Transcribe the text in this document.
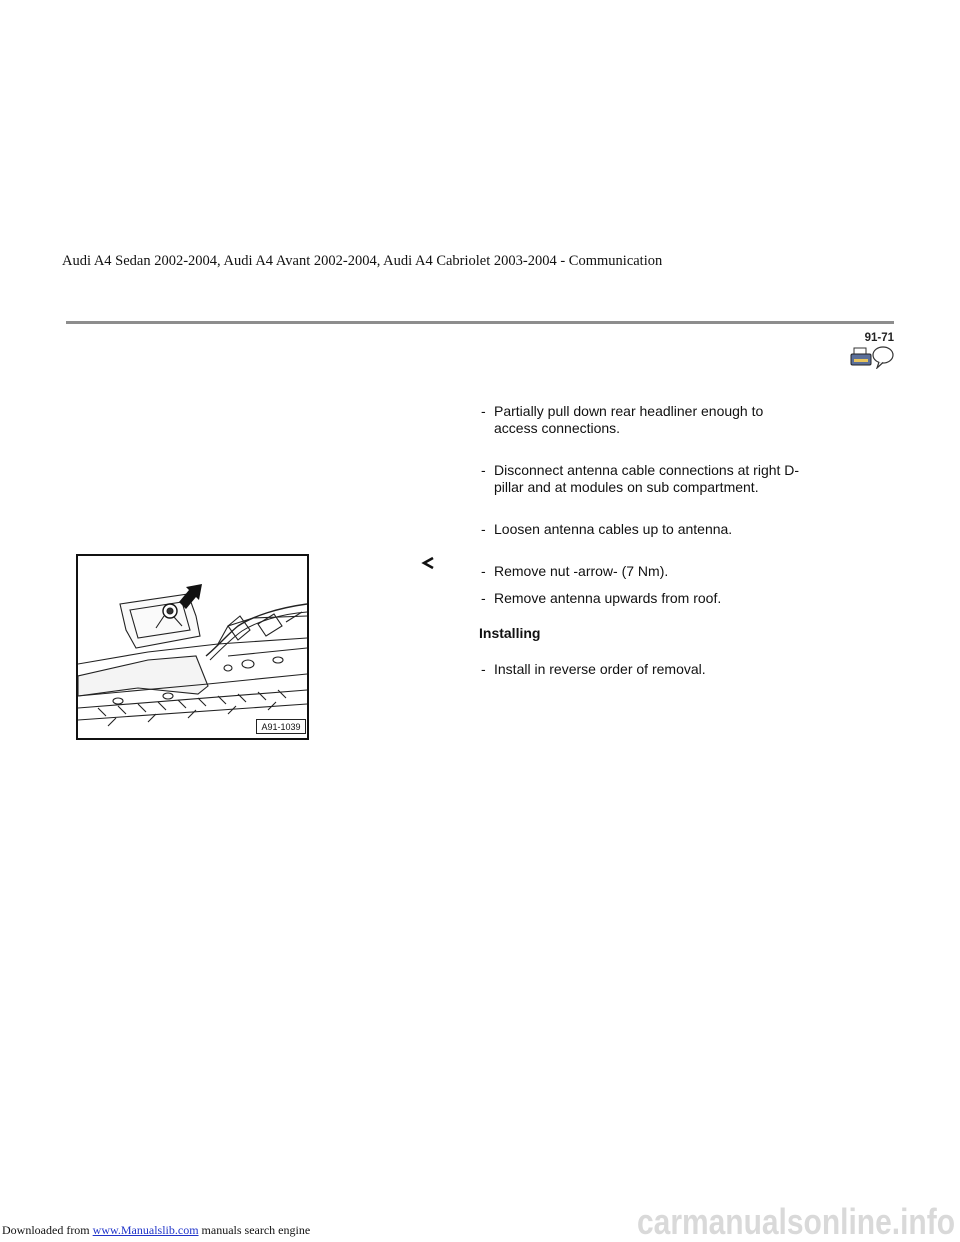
Audi A4 Sedan 2002-2004, Audi A4 Avant 2002-2004, Audi A4 Cabriolet 2003-2004 - Communication
91-71
- Partially pull down rear headliner enough to access connections.
- Disconnect antenna cable connections at right D-pillar and at modules on sub compartment.
- Loosen antenna cables up to antenna.
- Remove nut -arrow- (7 Nm).
- Remove antenna upwards from roof.
Installing
- Install in reverse order of removal.
A91-1039
Downloaded from www.Manualslib.com manuals search engine	carmanualsonline.info
